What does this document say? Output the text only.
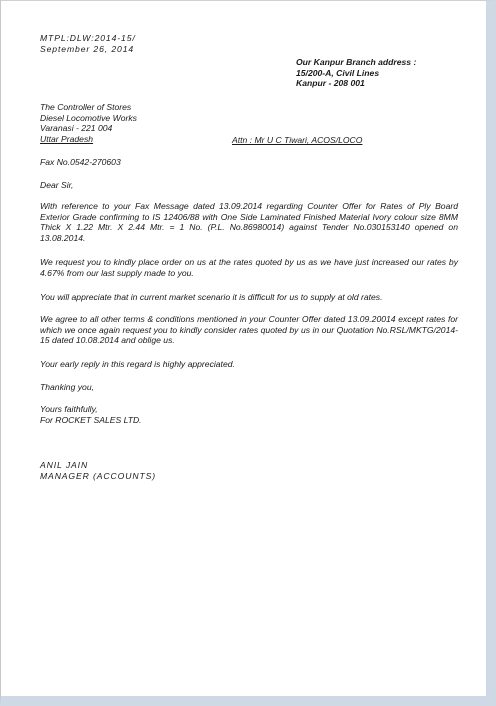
MTPL:DLW:2014-15/
September 26, 2014
Our Kanpur Branch address :
15/200-A, Civil Lines
Kanpur - 208 001
The Controller of Stores
Diesel Locomotive Works
Varanasi - 221 004
Uttar Pradesh	Attn : Mr U C Tiwari, ACOS/LOCO
Fax No.0542-270603
Dear Sir,
With reference to your Fax Message dated 13.09.2014 regarding Counter Offer for Rates of Ply Board Exterior Grade confirming to IS 12406/88 with One Side Laminated Finished Material Ivory colour size 8MM Thick X 1.22 Mtr. X 2.44 Mtr. = 1 No. (P.L. No.86980014) against Tender No.030153140 opened on 13.08.2014.
We request you to kindly place order on us at the rates quoted by us as we have just increased our rates by 4.67% from our last supply made to you.
You will appreciate that in current market scenario it is difficult for us to supply at old rates.
We agree to all other terms & conditions mentioned in your Counter Offer dated 13.09.20014 except rates for which we once again request you to kindly consider rates quoted by us in our Quotation No.RSL/MKTG/2014-15 dated 10.08.2014 and oblige us.
Your early reply in this regard is highly appreciated.
Thanking you,
Yours faithfully,
For ROCKET SALES LTD.
ANIL JAIN
MANAGER (ACCOUNTS)
